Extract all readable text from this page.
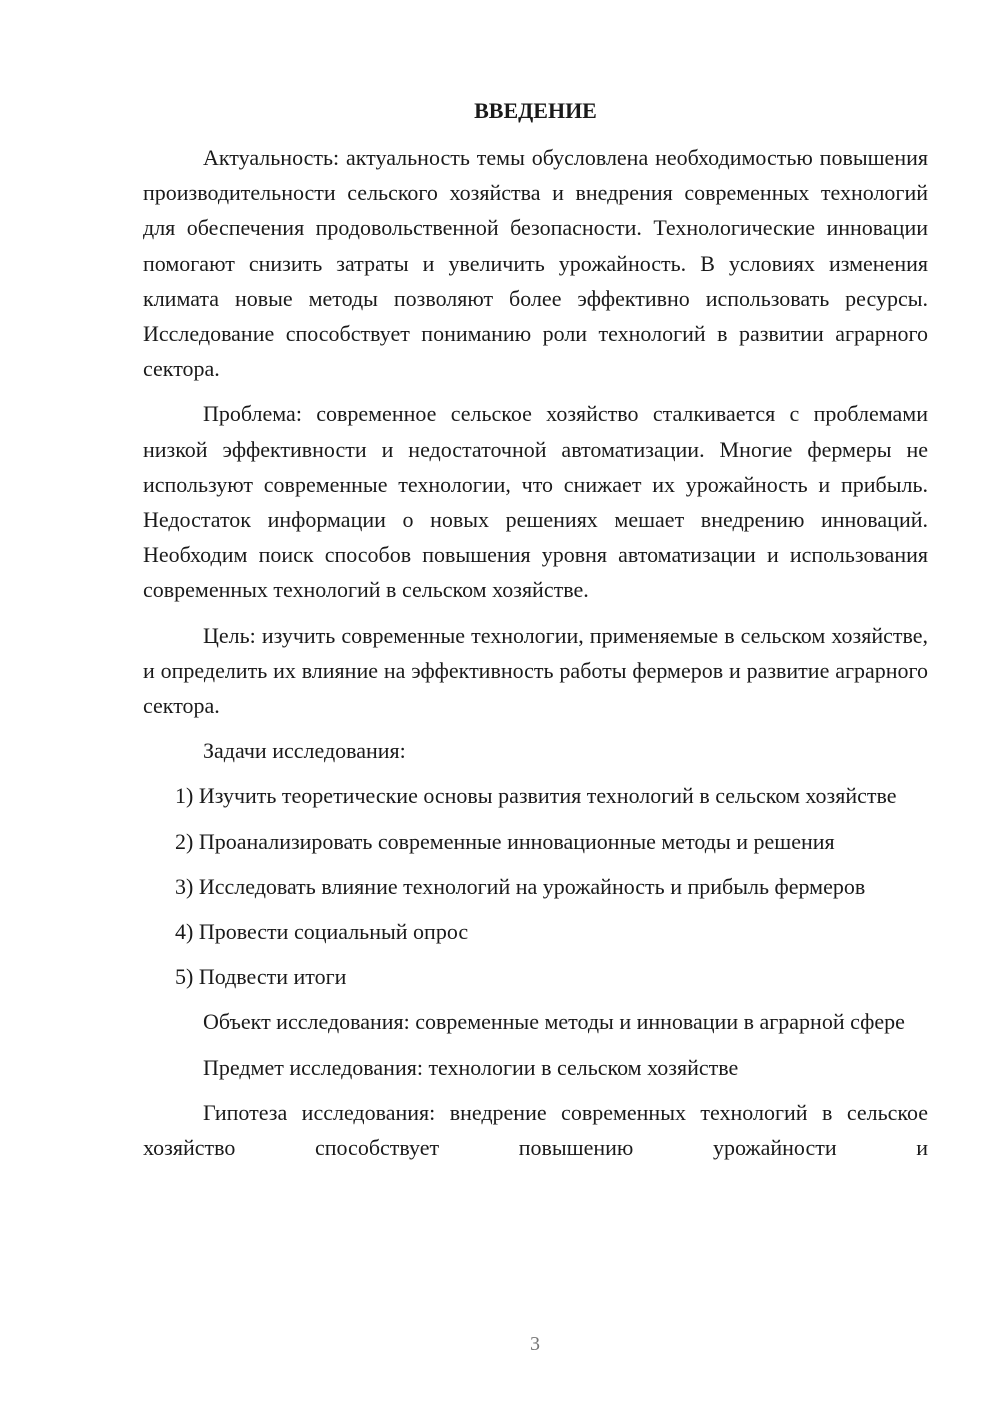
ВВЕДЕНИЕ

Актуальность: актуальность темы обусловлена необходимостью повышения производительности сельского хозяйства и внедрения современных технологий для обеспечения продовольственной безопасности. Технологические инновации помогают снизить затраты и увеличить урожайность. В условиях изменения климата новые методы позволяют более эффективно использовать ресурсы. Исследование способствует пониманию роли технологий в развитии аграрного сектора.

Проблема: современное сельское хозяйство сталкивается с проблемами низкой эффективности и недостаточной автоматизации. Многие фермеры не используют современные технологии, что снижает их урожайность и прибыль. Недостаток информации о новых решениях мешает внедрению инноваций. Необходим поиск способов повышения уровня автоматизации и использования современных технологий в сельском хозяйстве.

Цель: изучить современные технологии, применяемые в сельском хозяйстве, и определить их влияние на эффективность работы фермеров и развитие аграрного сектора.

Задачи исследования:

1) Изучить теоретические основы развития технологий в сельском хозяйстве

2) Проанализировать современные инновационные методы и решения

3) Исследовать влияние технологий на урожайность и прибыль фермеров

4) Провести социальный опрос

5) Подвести итоги

Объект исследования: современные методы и инновации в аграрной сфере

Предмет исследования: технологии в сельском хозяйстве

Гипотеза исследования: внедрение современных технологий в сельское хозяйство способствует повышению урожайности и

3
